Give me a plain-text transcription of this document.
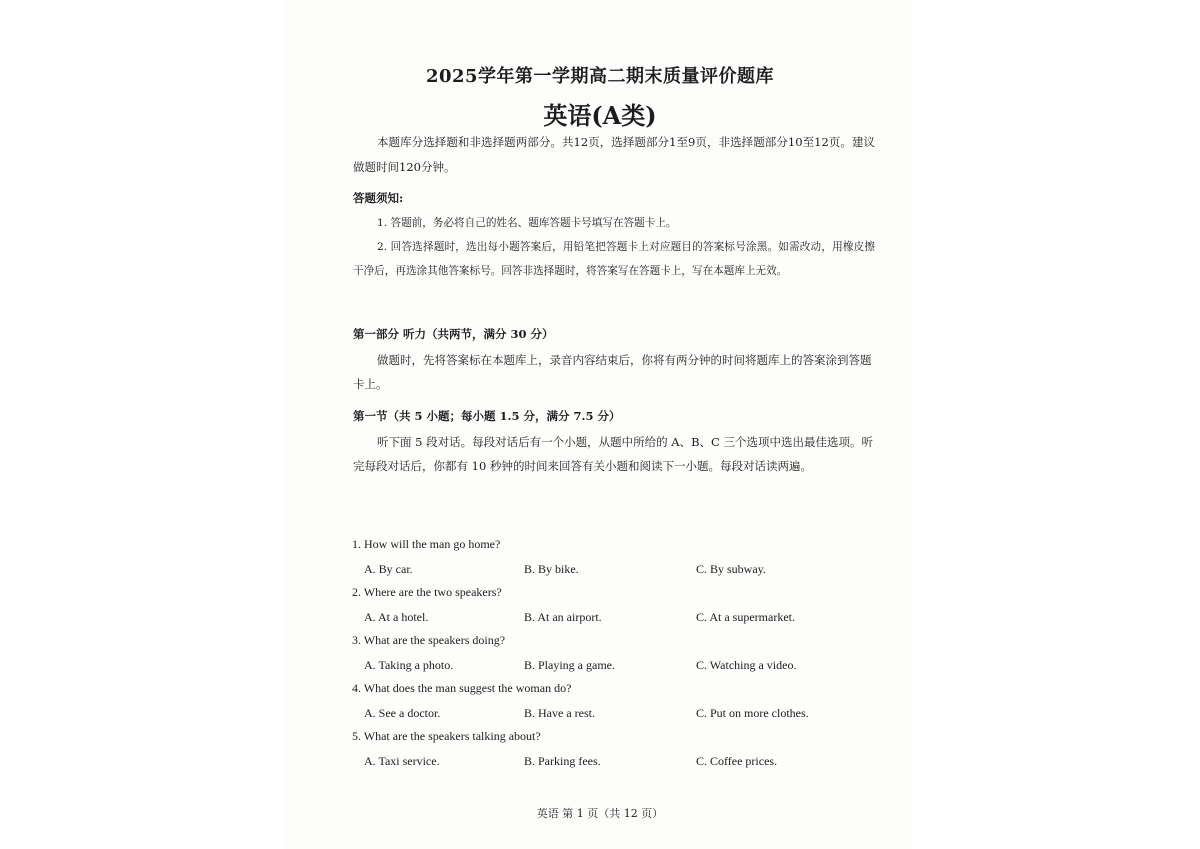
2025学年第一学期高二期末质量评价题库
英语(A类)

本题库分选择题和非选择题两部分。共12页，选择题部分1至9页，非选择题部分10至12页。建议做题时间120分钟。

答题须知:

1. 答题前，务必将自己的姓名、题库答题卡号填写在答题卡上。
2. 回答选择题时，选出每小题答案后，用铅笔把答题卡上对应题目的答案标号涂黑。如需改动，用橡皮擦干净后，再选涂其他答案标号。回答非选择题时，将答案写在答题卡上，写在本题库上无效。

第一部分 听力（共两节，满分 30 分）

做题时，先将答案标在本题库上，录音内容结束后，你将有两分钟的时间将题库上的答案涂到答题卡上。

第一节（共 5 小题；每小题 1.5 分，满分 7.5 分）

听下面 5 段对话。每段对话后有一个小题，从题中所给的 A、B、C 三个选项中选出最佳选项。听完每段对话后，你都有 10 秒钟的时间来回答有关小题和阅读下一小题。每段对话读两遍。

1. How will the man go home?
A. By car.	B. By bike.	C. By subway.
2. Where are the two speakers?
A. At a hotel.	B. At an airport.	C. At a supermarket.
3. What are the speakers doing?
A. Taking a photo.	B. Playing a game.	C. Watching a video.
4. What does the man suggest the woman do?
A. See a doctor.	B. Have a rest.	C. Put on more clothes.
5. What are the speakers talking about?
A. Taxi service.	B. Parking fees.	C. Coffee prices.

英语 第 1 页（共 12 页）
